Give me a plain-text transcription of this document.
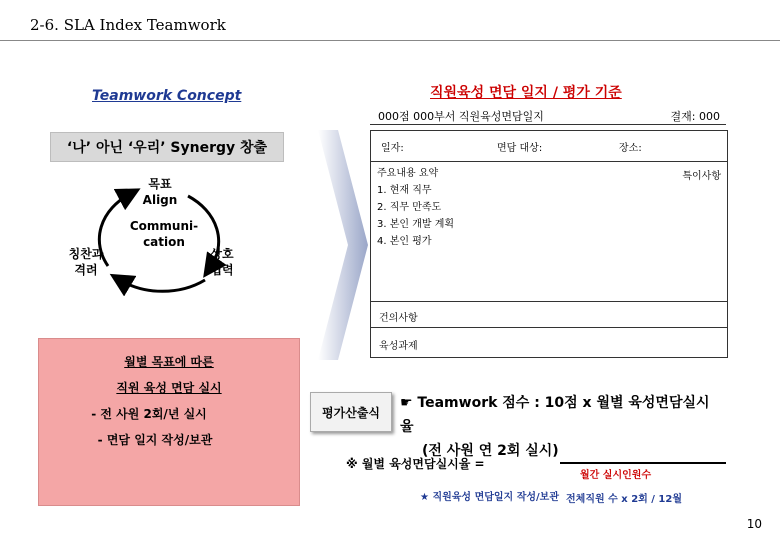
2-6. SLA Index Teamwork
Teamwork Concept
‘나’ 아닌 ‘우리’ Synergy 창출
목표
Align
Communi-
cation
칭찬과
격려
상호
협력
월별 목표에 따른
직원 육성 면담 실시
- 전 사원 2회/년 실시
- 면담 일지 작성/보관
직원육성 면담 일지 / 평가 기준
000점 000부서 직원육성면담일지	결재: 000
일자:	면담 대상:	장소:
주요내용 요약
1. 현재 직무
2. 직무 만족도
3. 본인 개발 계획
4. 본인 평가
특이사항
건의사항
육성과제
평가산출식
☛ Teamwork 점수 : 10점 x 월별 육성면담실시
율
(전 사원 연 2회 실시)
※ 월별 육성면담실시율 =
월간 실시인원수
★ 직원육성 면담일지 작성/보관 전체직원 수 x 2회 / 12월
10
